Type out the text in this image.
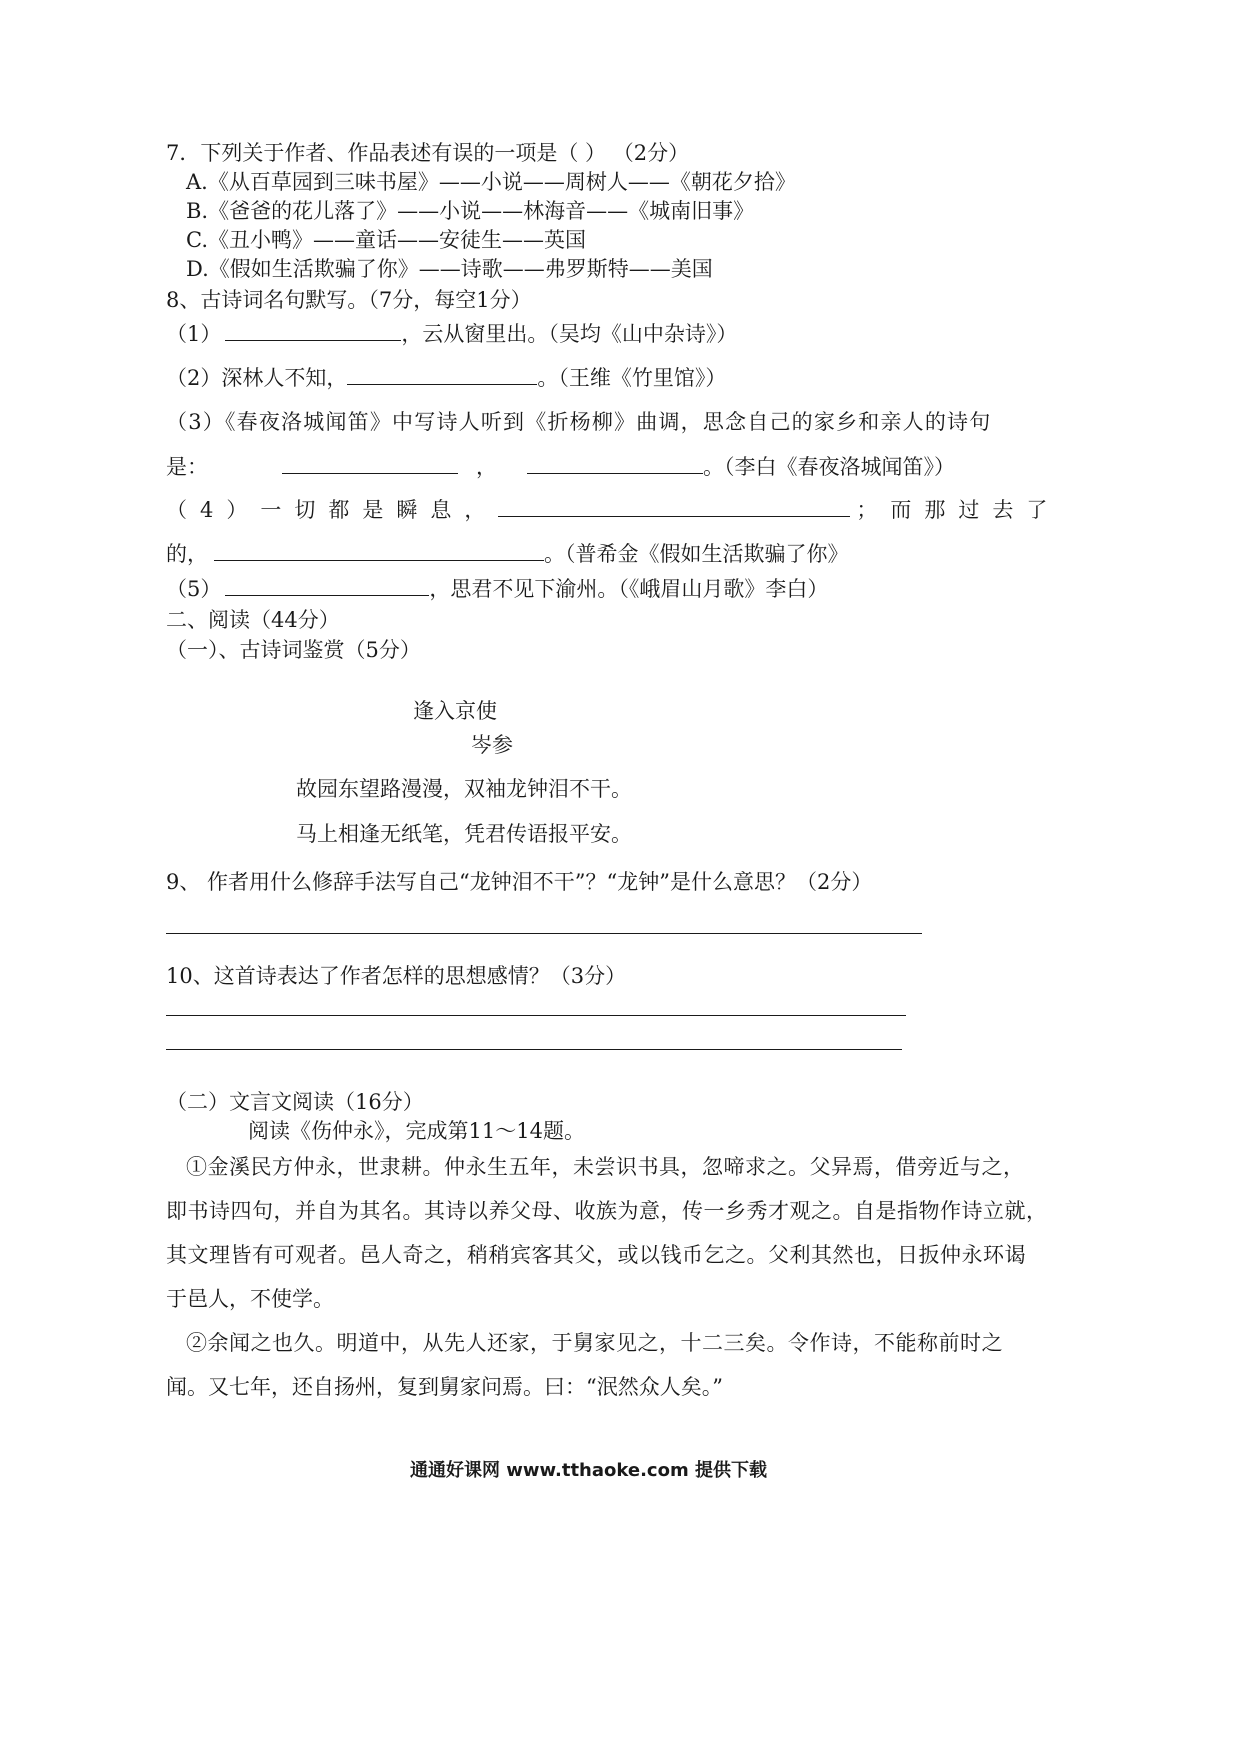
7．下列关于作者、作品表述有误的一项是（ ） （2分）
A.《从百草园到三味书屋》——小说——周树人——《朝花夕拾》
B.《爸爸的花儿落了》——小说——林海音——《城南旧事》
C.《丑小鸭》——童话——安徒生——英国
D.《假如生活欺骗了你》——诗歌——弗罗斯特——美国
8、古诗词名句默写。（7分，每空1分）
（1）	，云从窗里出。（吴均《山中杂诗》）
（2）深林人不知，	。（王维《竹里馆》）
（3）《春夜洛城闻笛》中写诗人听到《折杨柳》曲调，思念自己的家乡和亲人的诗句
是：	，	。（李白《春夜洛城闻笛》）
（4）一切都是瞬息，	；而那过去了
的，	。（普希金《假如生活欺骗了你》
（5）	，思君不见下渝州。（《峨眉山月歌》李白）
二、阅读（44分）
（一）、古诗词鉴赏（5分）
逢入京使
岑参
故园东望路漫漫，双袖龙钟泪不干。
马上相逢无纸笔，凭君传语报平安。
9、 作者用什么修辞手法写自己“龙钟泪不干”？“龙钟”是什么意思？（2分）
10、这首诗表达了作者怎样的思想感情？（3分）
（二）文言文阅读（16分）
阅读《伤仲永》，完成第11～14题。
①金溪民方仲永，世隶耕。仲永生五年，未尝识书具，忽啼求之。父异焉，借旁近与之，
即书诗四句，并自为其名。其诗以养父母、收族为意，传一乡秀才观之。自是指物作诗立就，
其文理皆有可观者。邑人奇之，稍稍宾客其父，或以钱币乞之。父利其然也，日扳仲永环谒
于邑人，不使学。
②余闻之也久。明道中，从先人还家，于舅家见之，十二三矣。令作诗，不能称前时之
闻。又七年，还自扬州，复到舅家问焉。曰：“泯然众人矣。”
通通好课网 www.tthaoke.com 提供下载
